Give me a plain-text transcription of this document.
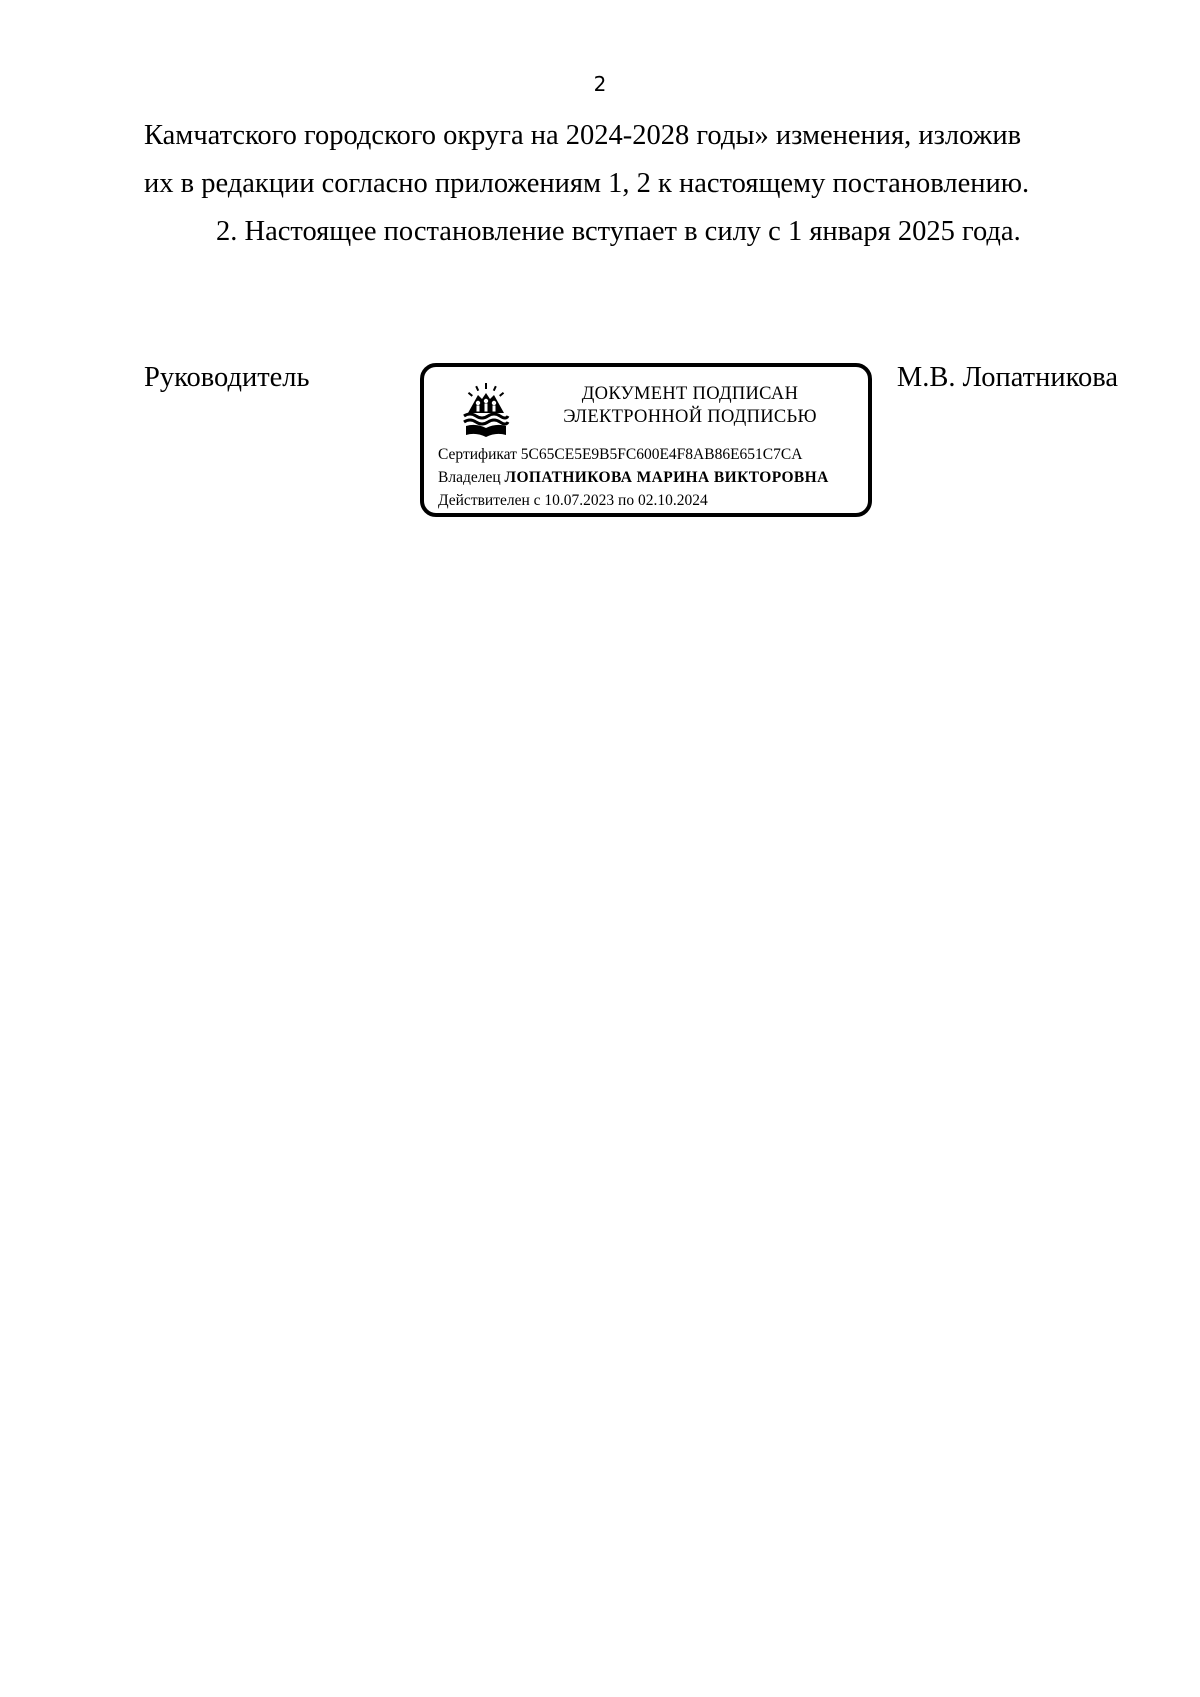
2

Камчатского городского округа на 2024-2028 годы» изменения, изложив

их в редакции согласно приложениям 1, 2 к настоящему постановлению.

2. Настоящее постановление вступает в силу с 1 января 2025 года.

Руководитель
ДОКУМЕНТ ПОДПИСАН
ЭЛЕКТРОННОЙ ПОДПИСЬЮ
Сертификат 5C65CE5E9B5FC600E4F8AB86E651C7CA
Владелец ЛОПАТНИКОВА МАРИНА ВИКТОРОВНА
Действителен с 10.07.2023 по 02.10.2024
М.В. Лопатникова
